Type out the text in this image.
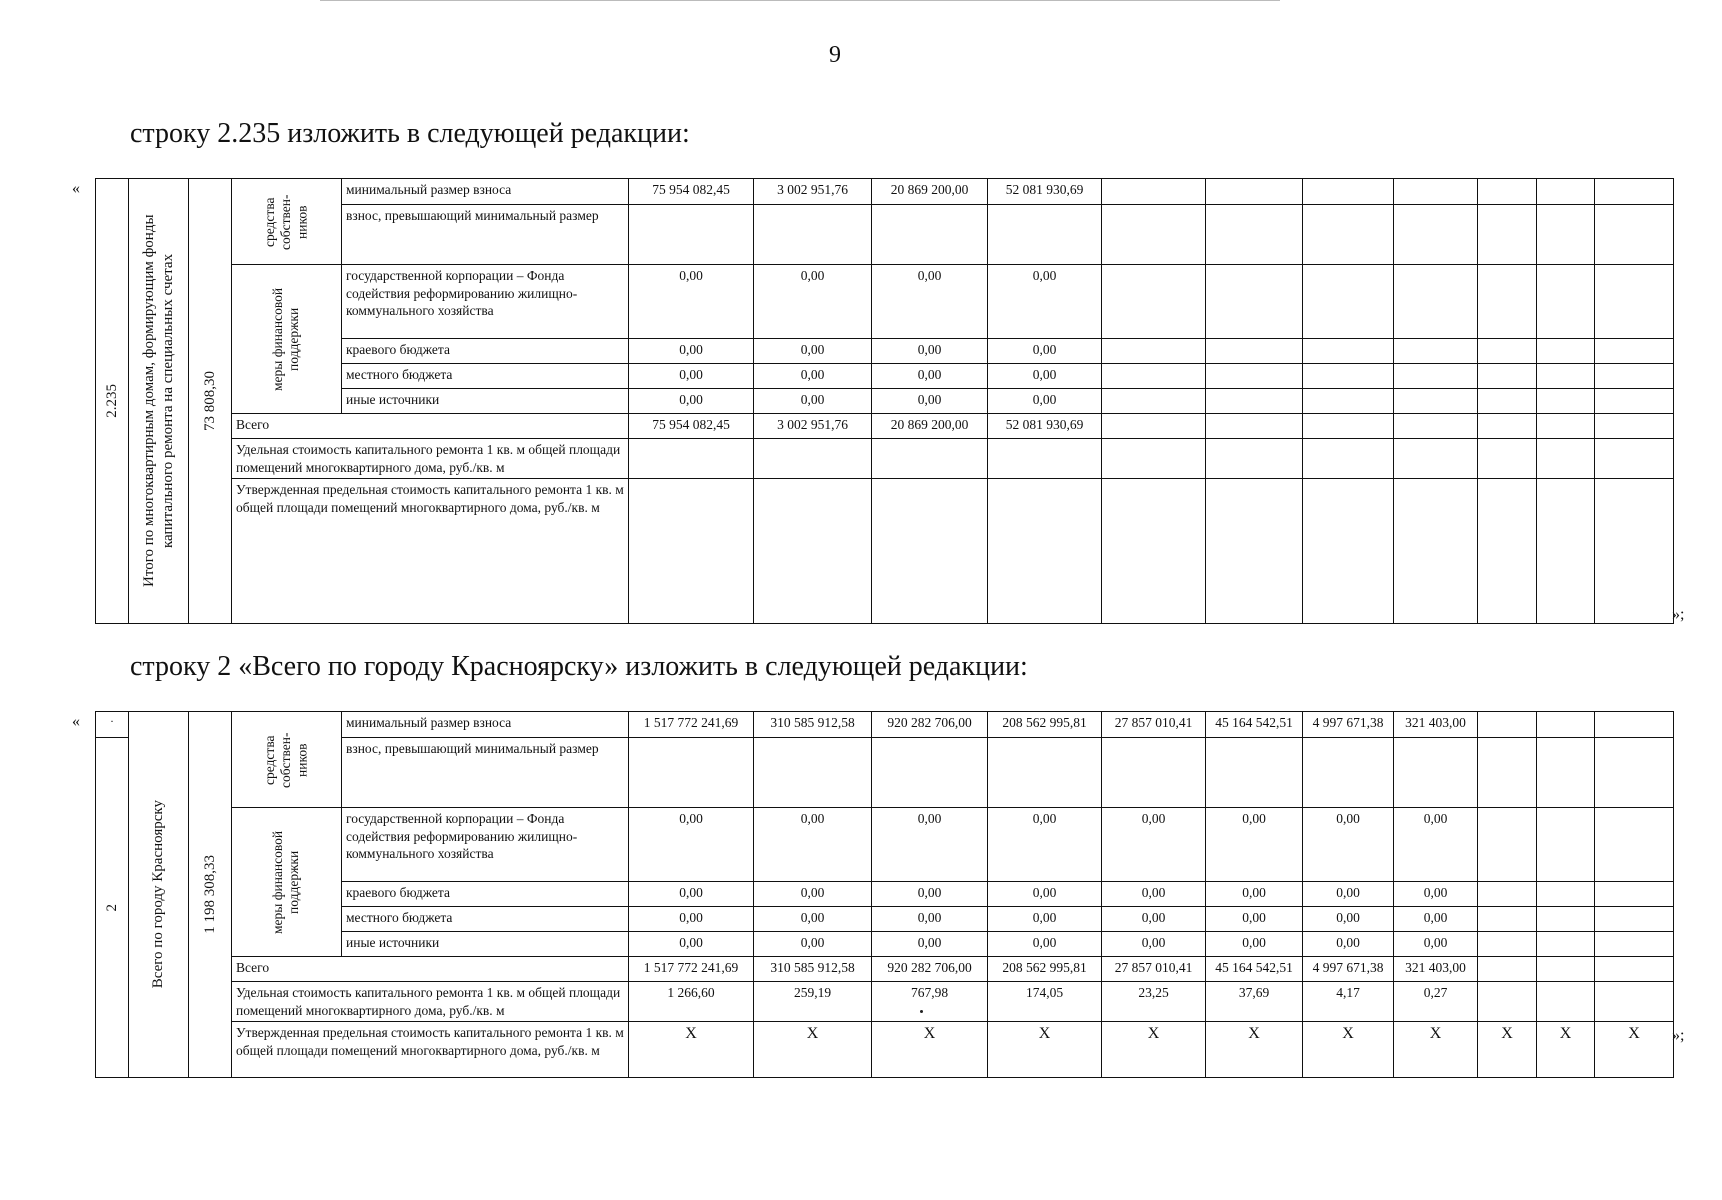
9
строку 2.235 изложить в следующей редакции:
«
»;
2.235	Итого по многоквартирным домам, формирующим фонды капитального ремонта на специальных счетах	73 808,30	средства собствен-ников	минимальный размер взноса	75 954 082,45	3 002 951,76	20 869 200,00	52 081 930,69							
				взнос, превышающий минимальный размер											

			меры финансовой поддержки	государственной корпорации – Фонда содействия реформированию жилищно-коммунального хозяйства	0,00	0,00	0,00	0,00							
				краевого бюджета	0,00	0,00	0,00	0,00							
				местного бюджета	0,00	0,00	0,00	0,00							
				иные источники	0,00	0,00	0,00	0,00							
			Всего		75 954 082,45	3 002 951,76	20 869 200,00	52 081 930,69							
			Удельная стоимость капитального ремонта 1 кв. м общей площади помещений многоквартирного дома, руб./кв. м												
			Утвержденная предельная стоимость капитального ремонта 1 кв. м общей площади помещений многоквартирного дома, руб./кв. м												
строку 2 «Всего по городу Красноярску» изложить в следующей редакции:
«
»;
·	Всего по городу Красноярску	1 198 308,33	средства собствен-ников	минимальный размер взноса	1 517 772 241,69	310 585 912,58	920 282 706,00	208 562 995,81	27 857 010,41	45 164 542,51	4 997 671,38	321 403,00			

2				взнос, превышающий минимальный размер											

			меры финансовой поддержки	государственной корпорации – Фонда содействия реформированию жилищно-коммунального хозяйства	0,00	0,00	0,00	0,00	0,00	0,00	0,00	0,00			
				краевого бюджета	0,00	0,00	0,00	0,00	0,00	0,00	0,00	0,00			
				местного бюджета	0,00	0,00	0,00	0,00	0,00	0,00	0,00	0,00			
				иные источники	0,00	0,00	0,00	0,00	0,00	0,00	0,00	0,00			
			Всего		1 517 772 241,69	310 585 912,58	920 282 706,00	208 562 995,81	27 857 010,41	45 164 542,51	4 997 671,38	321 403,00			
			Удельная стоимость капитального ремонта 1 кв. м общей площади помещений многоквартирного дома, руб./кв. м		1 266,60	259,19	767,98	174,05	23,25	37,69	4,17	0,27			
			Утвержденная предельная стоимость капитального ремонта 1 кв. м общей площади помещений многоквартирного дома, руб./кв. м		X	X	X	X	X	X	X	X	X	X	X
